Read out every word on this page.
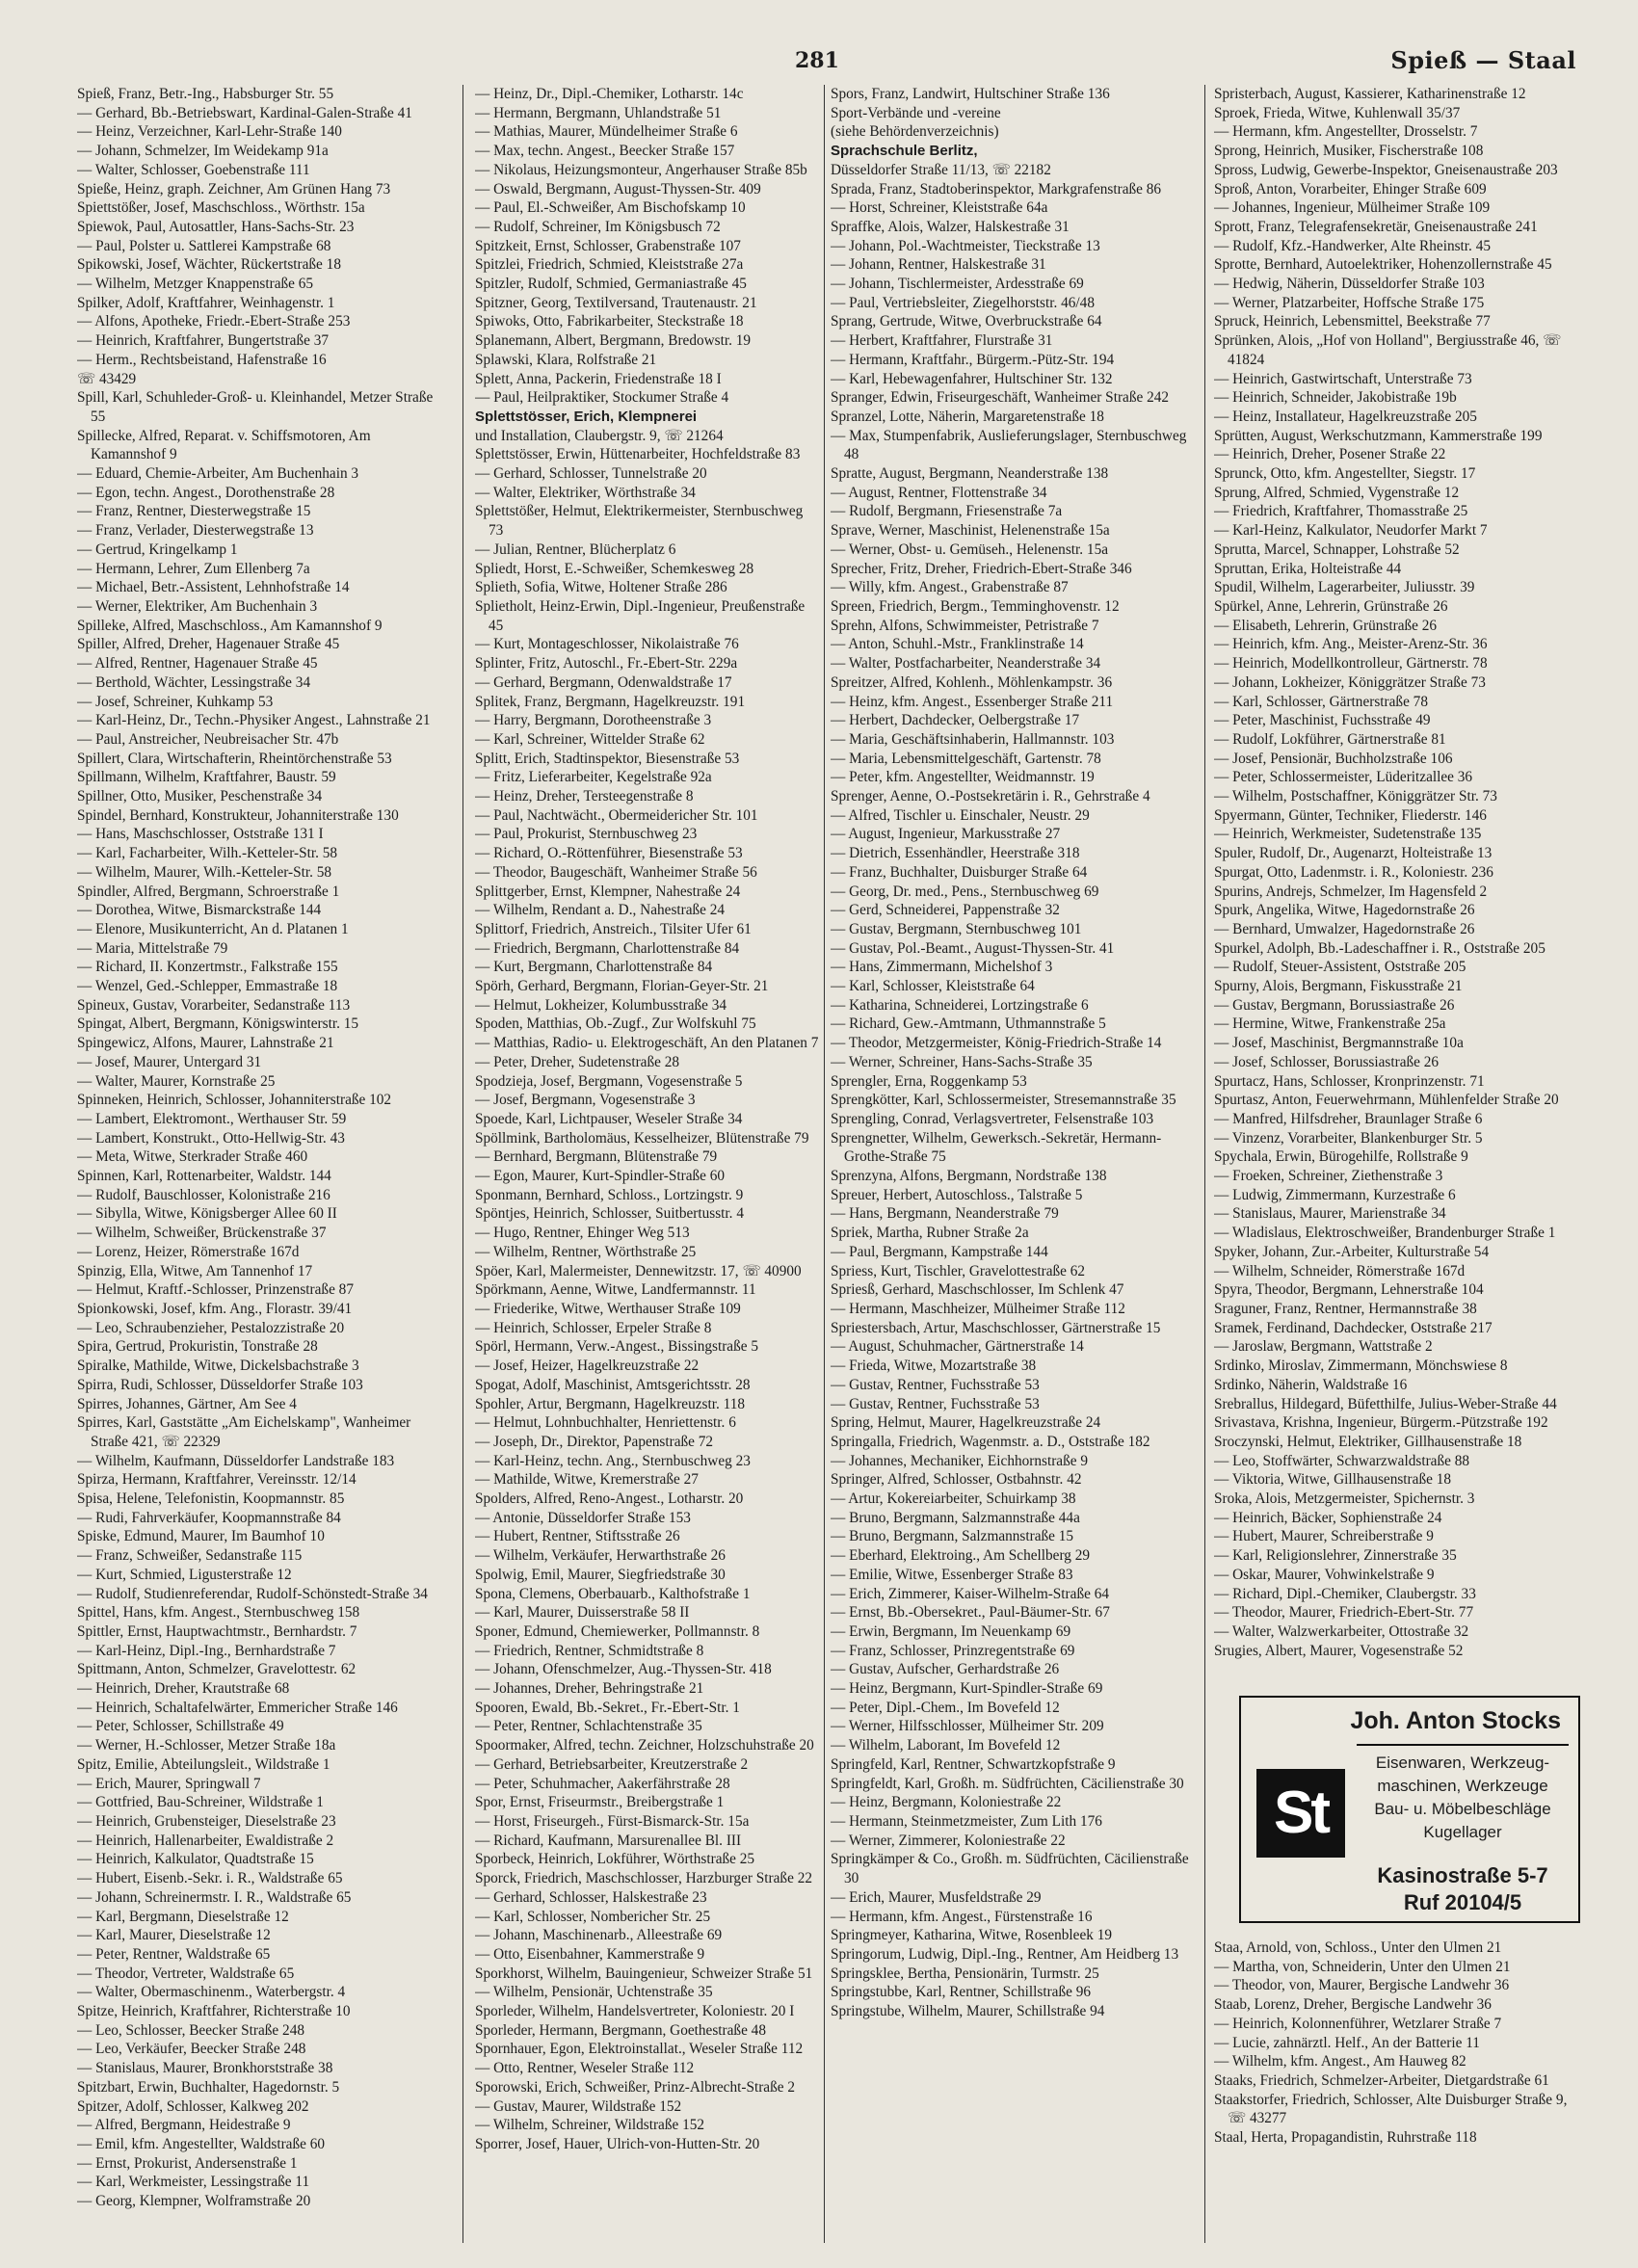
281	Spieß — Staal
Spieß, Franz, Betr.-Ing., Habsburger Str. 55
— Gerhard, Bb.-Betriebswart, Kardinal-Galen-Straße 41
— Heinz, Verzeichner, Karl-Lehr-Straße 140
— Johann, Schmelzer, Im Weidekamp 91a
— Walter, Schlosser, Goebenstraße 111
Spieße, Heinz, graph. Zeichner, Am Grünen Hang 73
Spiettstößer, Josef, Maschschloss., Wörthstr. 15a
Spiewok, Paul, Autosattler, Hans-Sachs-Str. 23
— Paul, Polster u. Sattlerei Kampstraße 68
Spikowski, Josef, Wächter, Rückertstraße 18
— Wilhelm, Metzger Knappenstraße 65
Spilker, Adolf, Kraftfahrer, Weinhagenstr. 1
— Alfons, Apotheke, Friedr.-Ebert-Straße 253
— Heinrich, Kraftfahrer, Bungertstraße 37
— Herm., Rechtsbeistand, Hafenstraße 16
☏ 43429
Spill, Karl, Schuhleder-Groß- u. Kleinhandel, Metzer Straße 55
Spillecke, Alfred, Reparat. v. Schiffsmotoren, Am Kamannshof 9
— Eduard, Chemie-Arbeiter, Am Buchenhain 3
— Egon, techn. Angest., Dorothenstraße 28
— Franz, Rentner, Diesterwegstraße 15
— Franz, Verlader, Diesterwegstraße 13
— Gertrud, Kringelkamp 1
— Hermann, Lehrer, Zum Ellenberg 7a
— Michael, Betr.-Assistent, Lehnhofstraße 14
— Werner, Elektriker, Am Buchenhain 3
Spilleke, Alfred, Maschschloss., Am Kamannshof 9
Spiller, Alfred, Dreher, Hagenauer Straße 45
— Alfred, Rentner, Hagenauer Straße 45
— Berthold, Wächter, Lessingstraße 34
— Josef, Schreiner, Kuhkamp 53
— Karl-Heinz, Dr., Techn.-Physiker Angest., Lahnstraße 21
— Paul, Anstreicher, Neubreisacher Str. 47b
Spillert, Clara, Wirtschafterin, Rheintörchenstraße 53
Spillmann, Wilhelm, Kraftfahrer, Baustr. 59
Spillner, Otto, Musiker, Peschenstraße 34
Spindel, Bernhard, Konstrukteur, Johanniterstraße 130
— Hans, Maschschlosser, Oststraße 131 I
— Karl, Facharbeiter, Wilh.-Ketteler-Str. 58
— Wilhelm, Maurer, Wilh.-Ketteler-Str. 58
Spindler, Alfred, Bergmann, Schroerstraße 1
— Dorothea, Witwe, Bismarckstraße 144
— Elenore, Musikunterricht, An d. Platanen 1
— Maria, Mittelstraße 79
— Richard, II. Konzertmstr., Falkstraße 155
— Wenzel, Ged.-Schlepper, Emmastraße 18
Spineux, Gustav, Vorarbeiter, Sedanstraße 113
Spingat, Albert, Bergmann, Königswinterstr. 15
Spingewicz, Alfons, Maurer, Lahnstraße 21
— Josef, Maurer, Untergard 31
— Walter, Maurer, Kornstraße 25
Spinneken, Heinrich, Schlosser, Johanniterstraße 102
— Lambert, Elektromont., Werthauser Str. 59
— Lambert, Konstrukt., Otto-Hellwig-Str. 43
— Meta, Witwe, Sterkrader Straße 460
Spinnen, Karl, Rottenarbeiter, Waldstr. 144
— Rudolf, Bauschlosser, Kolonistraße 216
— Sibylla, Witwe, Königsberger Allee 60 II
— Wilhelm, Schweißer, Brückenstraße 37
— Lorenz, Heizer, Römerstraße 167d
Spinzig, Ella, Witwe, Am Tannenhof 17
— Helmut, Kraftf.-Schlosser, Prinzenstraße 87
Spionkowski, Josef, kfm. Ang., Florastr. 39/41
— Leo, Schraubenzieher, Pestalozzistraße 20
Spira, Gertrud, Prokuristin, Tonstraße 28
Spiralke, Mathilde, Witwe, Dickelsbachstraße 3
Spirra, Rudi, Schlosser, Düsseldorfer Straße 103
Spirres, Johannes, Gärtner, Am See 4
Spirres, Karl, Gaststätte „Am Eichelskamp", Wanheimer Straße 421, ☏ 22329
— Wilhelm, Kaufmann, Düsseldorfer Landstraße 183
Spirza, Hermann, Kraftfahrer, Vereinsstr. 12/14
Spisa, Helene, Telefonistin, Koopmannstr. 85
— Rudi, Fahrverkäufer, Koopmannstraße 84
Spiske, Edmund, Maurer, Im Baumhof 10
— Franz, Schweißer, Sedanstraße 115
— Kurt, Schmied, Ligusterstraße 12
— Rudolf, Studienreferendar, Rudolf-Schönstedt-Straße 34
Spittel, Hans, kfm. Angest., Sternbuschweg 158
Spittler, Ernst, Hauptwachtmstr., Bernhardstr. 7
— Karl-Heinz, Dipl.-Ing., Bernhardstraße 7
Spittmann, Anton, Schmelzer, Gravelottestr. 62
— Heinrich, Dreher, Krautstraße 68
— Heinrich, Schaltafelwärter, Emmericher Straße 146
— Peter, Schlosser, Schillstraße 49
— Werner, H.-Schlosser, Metzer Straße 18a
Spitz, Emilie, Abteilungsleit., Wildstraße 1
— Erich, Maurer, Springwall 7
— Gottfried, Bau-Schreiner, Wildstraße 1
— Heinrich, Grubensteiger, Dieselstraße 23
— Heinrich, Hallenarbeiter, Ewaldistraße 2
— Heinrich, Kalkulator, Quadtstraße 15
— Hubert, Eisenb.-Sekr. i. R., Waldstraße 65
— Johann, Schreinermstr. I. R., Waldstraße 65
— Karl, Bergmann, Dieselstraße 12
— Karl, Maurer, Dieselstraße 12
— Peter, Rentner, Waldstraße 65
— Theodor, Vertreter, Waldstraße 65
— Walter, Obermaschinenm., Waterbergstr. 4
Spitze, Heinrich, Kraftfahrer, Richterstraße 10
— Leo, Schlosser, Beecker Straße 248
— Leo, Verkäufer, Beecker Straße 248
— Stanislaus, Maurer, Bronkhorststraße 38
Spitzbart, Erwin, Buchhalter, Hagedornstr. 5
Spitzer, Adolf, Schlosser, Kalkweg 202
— Alfred, Bergmann, Heidestraße 9
— Emil, kfm. Angestellter, Waldstraße 60
— Ernst, Prokurist, Andersenstraße 1
— Karl, Werkmeister, Lessingstraße 11
— Georg, Klempner, Wolframstraße 20
— Heinz, Dr., Dipl.-Chemiker, Lotharstr. 14c
— Hermann, Bergmann, Uhlandstraße 51
— Mathias, Maurer, Mündelheimer Straße 6
— Max, techn. Angest., Beecker Straße 157
— Nikolaus, Heizungsmonteur, Angerhauser Straße 85b
— Oswald, Bergmann, August-Thyssen-Str. 409
— Paul, El.-Schweißer, Am Bischofskamp 10
— Rudolf, Schreiner, Im Königsbusch 72
Spitzkeit, Ernst, Schlosser, Grabenstraße 107
Spitzlei, Friedrich, Schmied, Kleiststraße 27a
Spitzler, Rudolf, Schmied, Germaniastraße 45
Spitzner, Georg, Textilversand, Trautenaustr. 21
Spiwoks, Otto, Fabrikarbeiter, Steckstraße 18
Splanemann, Albert, Bergmann, Bredowstr. 19
Splawski, Klara, Rolfstraße 21
Splett, Anna, Packerin, Friedenstraße 18 I
— Paul, Heilpraktiker, Stockumer Straße 4
Splettstösser, Erich, Klempnerei
und Installation, Claubergstr. 9, ☏ 21264
Splettstösser, Erwin, Hüttenarbeiter, Hochfeldstraße 83
— Gerhard, Schlosser, Tunnelstraße 20
— Walter, Elektriker, Wörthstraße 34
Splettstößer, Helmut, Elektrikermeister, Sternbuschweg 73
— Julian, Rentner, Blücherplatz 6
Spliedt, Horst, E.-Schweißer, Schemkesweg 28
Splieth, Sofia, Witwe, Holtener Straße 286
Splietholt, Heinz-Erwin, Dipl.-Ingenieur, Preußenstraße 45
— Kurt, Montageschlosser, Nikolaistraße 76
Splinter, Fritz, Autoschl., Fr.-Ebert-Str. 229a
— Gerhard, Bergmann, Odenwaldstraße 17
Splitek, Franz, Bergmann, Hagelkreuzstr. 191
— Harry, Bergmann, Dorotheenstraße 3
— Karl, Schreiner, Wittelder Straße 62
Splitt, Erich, Stadtinspektor, Biesenstraße 53
— Fritz, Lieferarbeiter, Kegelstraße 92a
— Heinz, Dreher, Tersteegenstraße 8
— Paul, Nachtwächt., Obermeidericher Str. 101
— Paul, Prokurist, Sternbuschweg 23
— Richard, O.-Röttenführer, Biesenstraße 53
— Theodor, Baugeschäft, Wanheimer Straße 56
Splittgerber, Ernst, Klempner, Nahestraße 24
— Wilhelm, Rendant a. D., Nahestraße 24
Splittorf, Friedrich, Anstreich., Tilsiter Ufer 61
— Friedrich, Bergmann, Charlottenstraße 84
— Kurt, Bergmann, Charlottenstraße 84
Spörh, Gerhard, Bergmann, Florian-Geyer-Str. 21
— Helmut, Lokheizer, Kolumbusstraße 34
Spoden, Matthias, Ob.-Zugf., Zur Wolfskuhl 75
— Matthias, Radio- u. Elektrogeschäft, An den Platanen 7
— Peter, Dreher, Sudetenstraße 28
Spodzieja, Josef, Bergmann, Vogesenstraße 5
— Josef, Bergmann, Vogesenstraße 3
Spoede, Karl, Lichtpauser, Weseler Straße 34
Spöllmink, Bartholomäus, Kesselheizer, Blütenstraße 79
— Bernhard, Bergmann, Blütenstraße 79
— Egon, Maurer, Kurt-Spindler-Straße 60
Sponmann, Bernhard, Schloss., Lortzingstr. 9
Spöntjes, Heinrich, Schlosser, Suitbertusstr. 4
— Hugo, Rentner, Ehinger Weg 513
— Wilhelm, Rentner, Wörthstraße 25
Spöer, Karl, Malermeister, Dennewitzstr. 17, ☏ 40900
Spörkmann, Aenne, Witwe, Landfermannstr. 11
— Friederike, Witwe, Werthauser Straße 109
— Heinrich, Schlosser, Erpeler Straße 8
Spörl, Hermann, Verw.-Angest., Bissingstraße 5
— Josef, Heizer, Hagelkreuzstraße 22
Spogat, Adolf, Maschinist, Amtsgerichtsstr. 28
Spohler, Artur, Bergmann, Hagelkreuzstr. 118
— Helmut, Lohnbuchhalter, Henriettenstr. 6
— Joseph, Dr., Direktor, Papenstraße 72
— Karl-Heinz, techn. Ang., Sternbuschweg 23
— Mathilde, Witwe, Kremerstraße 27
Spolders, Alfred, Reno-Angest., Lotharstr. 20
— Antonie, Düsseldorfer Straße 153
— Hubert, Rentner, Stiftsstraße 26
— Wilhelm, Verkäufer, Herwarthstraße 26
Spolwig, Emil, Maurer, Siegfriedstraße 30
Spona, Clemens, Oberbauarb., Kalthofstraße 1
— Karl, Maurer, Duisserstraße 58 II
Sponer, Edmund, Chemiewerker, Pollmannstr. 8
— Friedrich, Rentner, Schmidtstraße 8
— Johann, Ofenschmelzer, Aug.-Thyssen-Str. 418
— Johannes, Dreher, Behringstraße 21
Spooren, Ewald, Bb.-Sekret., Fr.-Ebert-Str. 1
— Peter, Rentner, Schlachtenstraße 35
Spoormaker, Alfred, techn. Zeichner, Holzschuhstraße 20
— Gerhard, Betriebsarbeiter, Kreutzerstraße 2
— Peter, Schuhmacher, Aakerfährstraße 28
Spor, Ernst, Friseurmstr., Breibergstraße 1
— Horst, Friseurgeh., Fürst-Bismarck-Str. 15a
— Richard, Kaufmann, Marsurenallee Bl. III
Sporbeck, Heinrich, Lokführer, Wörthstraße 25
Sporck, Friedrich, Maschschlosser, Harzburger Straße 22
— Gerhard, Schlosser, Halskestraße 23
— Karl, Schlosser, Nombericher Str. 25
— Johann, Maschinenarb., Alleestraße 69
— Otto, Eisenbahner, Kammerstraße 9
Sporkhorst, Wilhelm, Bauingenieur, Schweizer Straße 51
— Wilhelm, Pensionär, Uchtenstraße 35
Sporleder, Wilhelm, Handelsvertreter, Koloniestr. 20 I
Sporleder, Hermann, Bergmann, Goethestraße 48
Spornhauer, Egon, Elektroinstallat., Weseler Straße 112
— Otto, Rentner, Weseler Straße 112
Sporowski, Erich, Schweißer, Prinz-Albrecht-Straße 2
— Gustav, Maurer, Wildstraße 152
— Wilhelm, Schreiner, Wildstraße 152
Sporrer, Josef, Hauer, Ulrich-von-Hutten-Str. 20
Spors, Franz, Landwirt, Hultschiner Straße 136
Sport-Verbände und -vereine
(siehe Behördenverzeichnis)
Sprachschule Berlitz,
Düsseldorfer Straße 11/13, ☏ 22182
Sprada, Franz, Stadtoberinspektor, Markgrafenstraße 86
— Horst, Schreiner, Kleiststraße 64a
Spraffke, Alois, Walzer, Halskestraße 31
— Johann, Pol.-Wachtmeister, Tieckstraße 13
— Johann, Rentner, Halskestraße 31
— Johann, Tischlermeister, Ardesstraße 69
— Paul, Vertriebsleiter, Ziegelhorststr. 46/48
Sprang, Gertrude, Witwe, Overbruckstraße 64
— Herbert, Kraftfahrer, Flurstraße 31
— Hermann, Kraftfahr., Bürgerm.-Pütz-Str. 194
— Karl, Hebewagenfahrer, Hultschiner Str. 132
Spranger, Edwin, Friseurgeschäft, Wanheimer Straße 242
Spranzel, Lotte, Näherin, Margaretenstraße 18
— Max, Stumpenfabrik, Auslieferungslager, Sternbuschweg 48
Spratte, August, Bergmann, Neanderstraße 138
— August, Rentner, Flottenstraße 34
— Rudolf, Bergmann, Friesenstraße 7a
Sprave, Werner, Maschinist, Helenenstraße 15a
— Werner, Obst- u. Gemüseh., Helenenstr. 15a
Sprecher, Fritz, Dreher, Friedrich-Ebert-Straße 346
— Willy, kfm. Angest., Grabenstraße 87
Spreen, Friedrich, Bergm., Temminghovenstr. 12
Sprehn, Alfons, Schwimmeister, Petristraße 7
— Anton, Schuhl.-Mstr., Franklinstraße 14
— Walter, Postfacharbeiter, Neanderstraße 34
Spreitzer, Alfred, Kohlenh., Möhlenkampstr. 36
— Heinz, kfm. Angest., Essenberger Straße 211
— Herbert, Dachdecker, Oelbergstraße 17
— Maria, Geschäftsinhaberin, Hallmannstr. 103
— Maria, Lebensmittelgeschäft, Gartenstr. 78
— Peter, kfm. Angestellter, Weidmannstr. 19
Sprenger, Aenne, O.-Postsekretärin i. R., Gehrstraße 4
— Alfred, Tischler u. Einschaler, Neustr. 29
— August, Ingenieur, Markusstraße 27
— Dietrich, Essenhändler, Heerstraße 318
— Franz, Buchhalter, Duisburger Straße 64
— Georg, Dr. med., Pens., Sternbuschweg 69
— Gerd, Schneiderei, Pappenstraße 32
— Gustav, Bergmann, Sternbuschweg 101
— Gustav, Pol.-Beamt., August-Thyssen-Str. 41
— Hans, Zimmermann, Michelshof 3
— Karl, Schlosser, Kleiststraße 64
— Katharina, Schneiderei, Lortzingstraße 6
— Richard, Gew.-Amtmann, Uthmannstraße 5
— Theodor, Metzgermeister, König-Friedrich-Straße 14
— Werner, Schreiner, Hans-Sachs-Straße 35
Sprengler, Erna, Roggenkamp 53
Sprengkötter, Karl, Schlossermeister, Stresemannstraße 35
Sprengling, Conrad, Verlagsvertreter, Felsenstraße 103
Sprengnetter, Wilhelm, Gewerksch.-Sekretär, Hermann-Grothe-Straße 75
Sprenzyna, Alfons, Bergmann, Nordstraße 138
Spreuer, Herbert, Autoschloss., Talstraße 5
— Hans, Bergmann, Neanderstraße 79
Spriek, Martha, Rubner Straße 2a
— Paul, Bergmann, Kampstraße 144
Spriess, Kurt, Tischler, Gravelottestraße 62
Spriesß, Gerhard, Maschschlosser, Im Schlenk 47
— Hermann, Maschheizer, Mülheimer Straße 112
Spriestersbach, Artur, Maschschlosser, Gärtnerstraße 15
— August, Schuhmacher, Gärtnerstraße 14
— Frieda, Witwe, Mozartstraße 38
— Gustav, Rentner, Fuchsstraße 53
— Gustav, Rentner, Fuchsstraße 53
Spring, Helmut, Maurer, Hagelkreuzstraße 24
Springalla, Friedrich, Wagenmstr. a. D., Oststraße 182
— Johannes, Mechaniker, Eichhornstraße 9
Springer, Alfred, Schlosser, Ostbahnstr. 42
— Artur, Kokereiarbeiter, Schuirkamp 38
— Bruno, Bergmann, Salzmannstraße 44a
— Bruno, Bergmann, Salzmannstraße 15
— Eberhard, Elektroing., Am Schellberg 29
— Emilie, Witwe, Essenberger Straße 83
— Erich, Zimmerer, Kaiser-Wilhelm-Straße 64
— Ernst, Bb.-Obersekret., Paul-Bäumer-Str. 67
— Erwin, Bergmann, Im Neuenkamp 69
— Franz, Schlosser, Prinzregentstraße 69
— Gustav, Aufscher, Gerhardstraße 26
— Heinz, Bergmann, Kurt-Spindler-Straße 69
— Peter, Dipl.-Chem., Im Bovefeld 12
— Werner, Hilfsschlosser, Mülheimer Str. 209
— Wilhelm, Laborant, Im Bovefeld 12
Springfeld, Karl, Rentner, Schwartzkopfstraße 9
Springfeldt, Karl, Großh. m. Südfrüchten, Cäcilienstraße 30
— Heinz, Bergmann, Koloniestraße 22
— Hermann, Steinmetzmeister, Zum Lith 176
— Werner, Zimmerer, Koloniestraße 22
Springkämper & Co., Großh. m. Südfrüchten, Cäcilienstraße 30
— Erich, Maurer, Musfeldstraße 29
— Hermann, kfm. Angest., Fürstenstraße 16
Springmeyer, Katharina, Witwe, Rosenbleek 19
Springorum, Ludwig, Dipl.-Ing., Rentner, Am Heidberg 13
Springsklee, Bertha, Pensionärin, Turmstr. 25
Springstubbe, Karl, Rentner, Schillstraße 96
Springstube, Wilhelm, Maurer, Schillstraße 94
Spristerbach, August, Kassierer, Katharinenstraße 12
Sproek, Frieda, Witwe, Kuhlenwall 35/37
— Hermann, kfm. Angestellter, Drosselstr. 7
Sprong, Heinrich, Musiker, Fischerstraße 108
Spross, Ludwig, Gewerbe-Inspektor, Gneisenaustraße 203
Sproß, Anton, Vorarbeiter, Ehinger Straße 609
— Johannes, Ingenieur, Mülheimer Straße 109
Sprott, Franz, Telegrafensekretär, Gneisenaustraße 241
— Rudolf, Kfz.-Handwerker, Alte Rheinstr. 45
Sprotte, Bernhard, Autoelektriker, Hohenzollernstraße 45
— Hedwig, Näherin, Düsseldorfer Straße 103
— Werner, Platzarbeiter, Hoffsche Straße 175
Spruck, Heinrich, Lebensmittel, Beekstraße 77
Sprünken, Alois, „Hof von Holland", Bergiusstraße 46, ☏ 41824
— Heinrich, Gastwirtschaft, Unterstraße 73
— Heinrich, Schneider, Jakobistraße 19b
— Heinz, Installateur, Hagelkreuzstraße 205
Sprütten, August, Werkschutzmann, Kammerstraße 199
— Heinrich, Dreher, Posener Straße 22
Sprunck, Otto, kfm. Angestellter, Siegstr. 17
Sprung, Alfred, Schmied, Vygenstraße 12
— Friedrich, Kraftfahrer, Thomasstraße 25
— Karl-Heinz, Kalkulator, Neudorfer Markt 7
Sprutta, Marcel, Schnapper, Lohstraße 52
Spruttan, Erika, Holteistraße 44
Spudil, Wilhelm, Lagerarbeiter, Juliusstr. 39
Spürkel, Anne, Lehrerin, Grünstraße 26
— Elisabeth, Lehrerin, Grünstraße 26
— Heinrich, kfm. Ang., Meister-Arenz-Str. 36
— Heinrich, Modellkontrolleur, Gärtnerstr. 78
— Johann, Lokheizer, Königgrätzer Straße 73
— Karl, Schlosser, Gärtnerstraße 78
— Peter, Maschinist, Fuchsstraße 49
— Rudolf, Lokführer, Gärtnerstraße 81
— Josef, Pensionär, Buchholzstraße 106
— Peter, Schlossermeister, Lüderitzallee 36
— Wilhelm, Postschaffner, Königgrätzer Str. 73
Spyermann, Günter, Techniker, Fliederstr. 146
— Heinrich, Werkmeister, Sudetenstraße 135
Spuler, Rudolf, Dr., Augenarzt, Holteistraße 13
Spurgat, Otto, Ladenmstr. i. R., Koloniestr. 236
Spurins, Andrejs, Schmelzer, Im Hagensfeld 2
Spurk, Angelika, Witwe, Hagedornstraße 26
— Bernhard, Umwalzer, Hagedornstraße 26
Spurkel, Adolph, Bb.-Ladeschaffner i. R., Oststraße 205
— Rudolf, Steuer-Assistent, Oststraße 205
Spurny, Alois, Bergmann, Fiskusstraße 21
— Gustav, Bergmann, Borussiastraße 26
— Hermine, Witwe, Frankenstraße 25a
— Josef, Maschinist, Bergmannstraße 10a
— Josef, Schlosser, Borussiastraße 26
Spurtacz, Hans, Schlosser, Kronprinzenstr. 71
Spurtasz, Anton, Feuerwehrmann, Mühlenfelder Straße 20
— Manfred, Hilfsdreher, Braunlager Straße 6
— Vinzenz, Vorarbeiter, Blankenburger Str. 5
Spychala, Erwin, Bürogehilfe, Rollstraße 9
— Froeken, Schreiner, Ziethenstraße 3
— Ludwig, Zimmermann, Kurzestraße 6
— Stanislaus, Maurer, Marienstraße 34
— Wladislaus, Elektroschweißer, Brandenburger Straße 1
Spyker, Johann, Zur.-Arbeiter, Kulturstraße 54
— Wilhelm, Schneider, Römerstraße 167d
Spyra, Theodor, Bergmann, Lehnerstraße 104
Sraguner, Franz, Rentner, Hermannstraße 38
Sramek, Ferdinand, Dachdecker, Oststraße 217
— Jaroslaw, Bergmann, Wattstraße 2
Srdinko, Miroslav, Zimmermann, Mönchswiese 8
Srdinko, Näherin, Waldstraße 16
Srebrallus, Hildegard, Büfetthilfe, Julius-Weber-Straße 44
Srivastava, Krishna, Ingenieur, Bürgerm.-Pützstraße 192
Sroczynski, Helmut, Elektriker, Gillhausenstraße 18
— Leo, Stoffwärter, Schwarzwaldstraße 88
— Viktoria, Witwe, Gillhausenstraße 18
Sroka, Alois, Metzgermeister, Spichernstr. 3
— Heinrich, Bäcker, Sophienstraße 24
— Hubert, Maurer, Schreiberstraße 9
— Karl, Religionslehrer, Zinnerstraße 35
— Oskar, Maurer, Vohwinkelstraße 9
— Richard, Dipl.-Chemiker, Claubergstr. 33
— Theodor, Maurer, Friedrich-Ebert-Str. 77
— Walter, Walzwerkarbeiter, Ottostraße 32
Srugies, Albert, Maurer, Vogesenstraße 52
Joh. Anton Stocks
St
Eisenwaren, Werkzeug-
maschinen, Werkzeuge
Bau- u. Möbelbeschläge
Kugellager
Kasinostraße 5-7
Ruf 20104/5
Staa, Arnold, von, Schloss., Unter den Ulmen 21
— Martha, von, Schneiderin, Unter den Ulmen 21
— Theodor, von, Maurer, Bergische Landwehr 36
Staab, Lorenz, Dreher, Bergische Landwehr 36
— Heinrich, Kolonnenführer, Wetzlarer Straße 7
— Lucie, zahnärztl. Helf., An der Batterie 11
— Wilhelm, kfm. Angest., Am Hauweg 82
Staaks, Friedrich, Schmelzer-Arbeiter, Dietgardstraße 61
Staakstorfer, Friedrich, Schlosser, Alte Duisburger Straße 9, ☏ 43277
Staal, Herta, Propagandistin, Ruhrstraße 118
